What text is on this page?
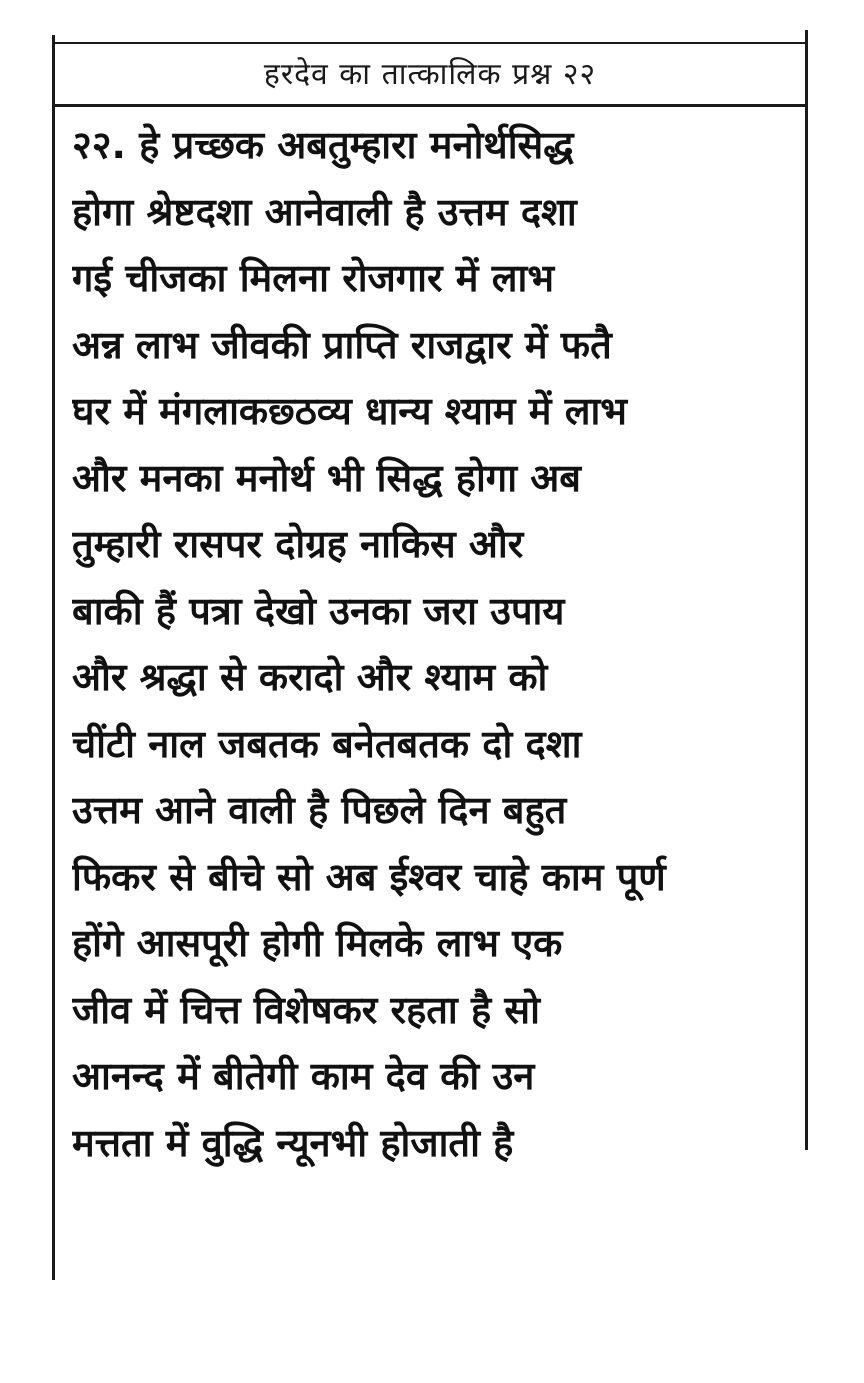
हरदेव का तात्कालिक प्रश्न २२
२२. हे प्रच्छक अबतुम्हारा मनोर्थसिद्ध
होगा श्रेष्टदशा आनेवाली है उत्तम दशा
गई चीजका मिलना रोजगार में लाभ
अन्न लाभ जीवकी प्राप्ति राजद्वार में फतै
घर में मंगलाकछ्ठव्य धान्य श्याम में लाभ
और मनका मनोर्थ भी सिद्ध होगा अब
तुम्हारी रासपर दोग्रह नाकिस और
बाकी हैं पत्रा देखो उनका जरा उपाय
और श्रद्धा से करादो और श्याम को
चींटी नाल जबतक बनेतबतक दो दशा
उत्तम आने वाली है पिछले दिन बहुत
फिकर से बीचे सो अब ईश्वर चाहे काम पूर्ण
होंगे आसपूरी होगी मिलके लाभ एक
जीव में चित्त विशेषकर रहता है सो
आनन्द में बीतेगी काम देव की उन
मत्तता में वुद्धि न्यूनभी होजाती है
